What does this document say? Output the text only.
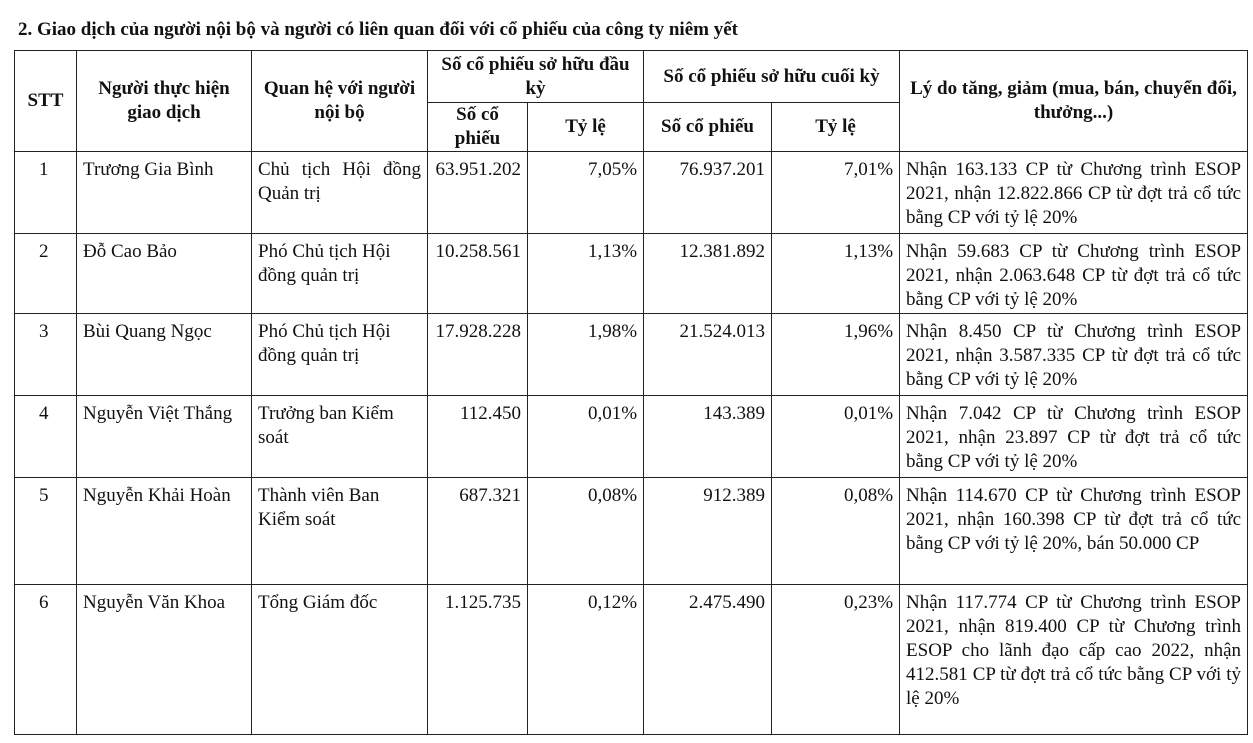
2. Giao dịch của người nội bộ và người có liên quan đối với cổ phiếu của công ty niêm yết
STT	Người thực hiện giao dịch	Quan hệ với người nội bộ	Số cổ phiếu sở hữu đầu kỳ		Số cổ phiếu sở hữu cuối kỳ		Lý do tăng, giảm (mua, bán, chuyển đổi, thưởng...)
			Số cổ phiếu	Tỷ lệ	Số cổ phiếu	Tỷ lệ	
1	Trương Gia Bình	Chủ tịch Hội đồng Quản trị	63.951.202	7,05%	76.937.201	7,01%	Nhận 163.133 CP từ Chương trình ESOP 2021, nhận 12.822.866 CP từ đợt trả cổ tức bằng CP với tỷ lệ 20%
2	Đỗ Cao Bảo	Phó Chủ tịch Hội đồng quản trị	10.258.561	1,13%	12.381.892	1,13%	Nhận 59.683 CP từ Chương trình ESOP 2021, nhận 2.063.648 CP từ đợt trả cổ tức bằng CP với tỷ lệ 20%
3	Bùi Quang Ngọc	Phó Chủ tịch Hội đồng quản trị	17.928.228	1,98%	21.524.013	1,96%	Nhận 8.450 CP từ Chương trình ESOP 2021, nhận 3.587.335 CP từ đợt trả cổ tức bằng CP với tỷ lệ 20%
4	Nguyễn Việt Thắng	Trưởng ban Kiểm soát	112.450	0,01%	143.389	0,01%	Nhận 7.042 CP từ Chương trình ESOP 2021, nhận 23.897 CP từ đợt trả cổ tức bằng CP với tỷ lệ 20%
5	Nguyễn Khải Hoàn	Thành viên Ban Kiểm soát	687.321	0,08%	912.389	0,08%	Nhận 114.670 CP từ Chương trình ESOP 2021, nhận 160.398 CP từ đợt trả cổ tức bằng CP với tỷ lệ 20%, bán 50.000 CP
6	Nguyễn Văn Khoa	Tổng Giám đốc	1.125.735	0,12%	2.475.490	0,23%	Nhận 117.774 CP từ Chương trình ESOP 2021, nhận 819.400 CP từ Chương trình ESOP cho lãnh đạo cấp cao 2022, nhận 412.581 CP từ đợt trả cổ tức bằng CP với tỷ lệ 20%
